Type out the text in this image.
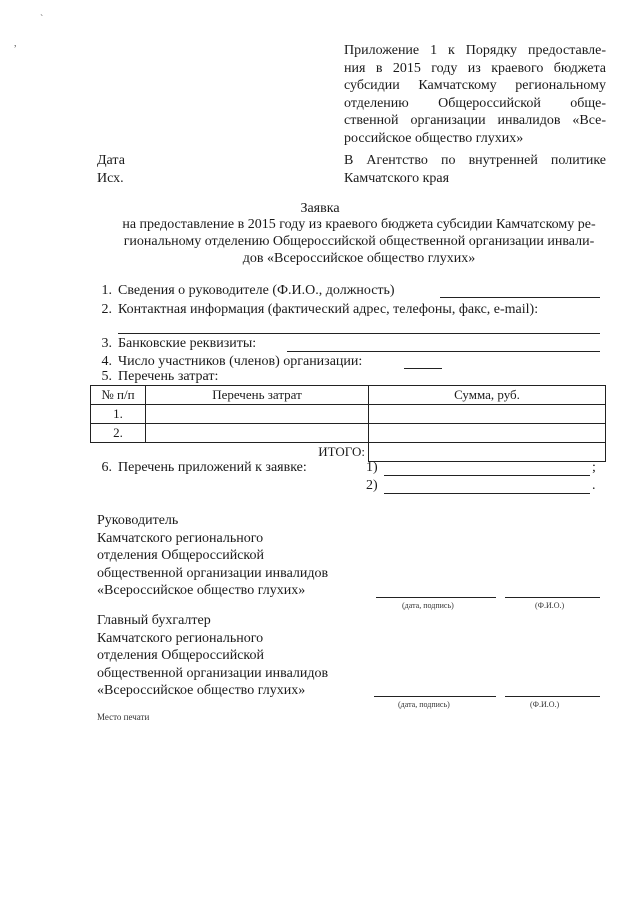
`
,	Приложение 1 к Порядку предоставле-
ния в 2015 году из краевого бюджета
субсидии Камчатскому региональному
отделению Общероссийской обще-
ственной организации инвалидов «Все-
российское общество глухих»
Дата
Исх.
В Агентство по внутренней политике
Камчатского края
Заявка
на предоставление в 2015 году из краевого бюджета субсидии Камчатскому ре-
гиональному отделению Общероссийской общественной организации инвали-
дов «Всероссийское общество глухих»
1. Сведения о руководителе (Ф.И.О., должность)
2. Контактная информация (фактический адрес, телефоны, факс, e-mail):
3. Банковские реквизиты:
4. Число участников (членов) организации:
5. Перечень затрат:
№ п/п	Перечень затрат	Сумма, руб.
1.		
2.		
ИТОГО:		
6. Перечень приложений к заявке:	1)	;
2)	.
Руководитель
Камчатского регионального
отделения Общероссийской
общественной организации инвалидов
«Всероссийское общество глухих»
(дата, подпись)	(Ф.И.О.)
Главный бухгалтер
Камчатского регионального
отделения Общероссийской
общественной организации инвалидов
«Всероссийское общество глухих»
(дата, подпись)	(Ф.И.О.)
Место печати
